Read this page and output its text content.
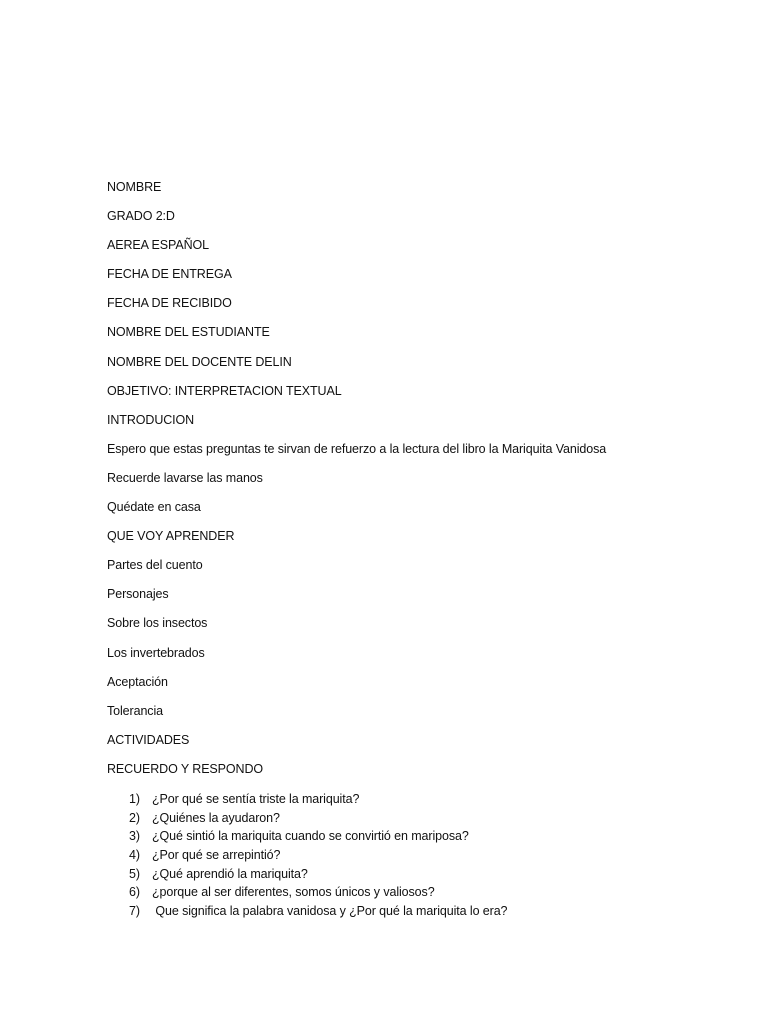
NOMBRE
GRADO 2:D
AEREA ESPAÑOL
FECHA DE ENTREGA
FECHA DE RECIBIDO
NOMBRE DEL ESTUDIANTE
NOMBRE DEL DOCENTE DELIN
OBJETIVO: INTERPRETACION TEXTUAL
INTRODUCION
Espero que estas preguntas te sirvan de refuerzo a la lectura del libro la Mariquita Vanidosa
Recuerde lavarse las manos
Quédate en casa
QUE VOY APRENDER
Partes del cuento
Personajes
Sobre los insectos
Los invertebrados
Aceptación
Tolerancia
ACTIVIDADES
RECUERDO Y RESPONDO
1) ¿Por qué se sentía triste la mariquita?
2) ¿Quiénes la ayudaron?
3) ¿Qué sintió la mariquita cuando se convirtió en mariposa?
4) ¿Por qué se arrepintió?
5) ¿Qué aprendió la mariquita?
6) ¿porque al ser diferentes, somos únicos y valiosos?
7) Que significa la palabra vanidosa y ¿Por qué la mariquita lo era?
